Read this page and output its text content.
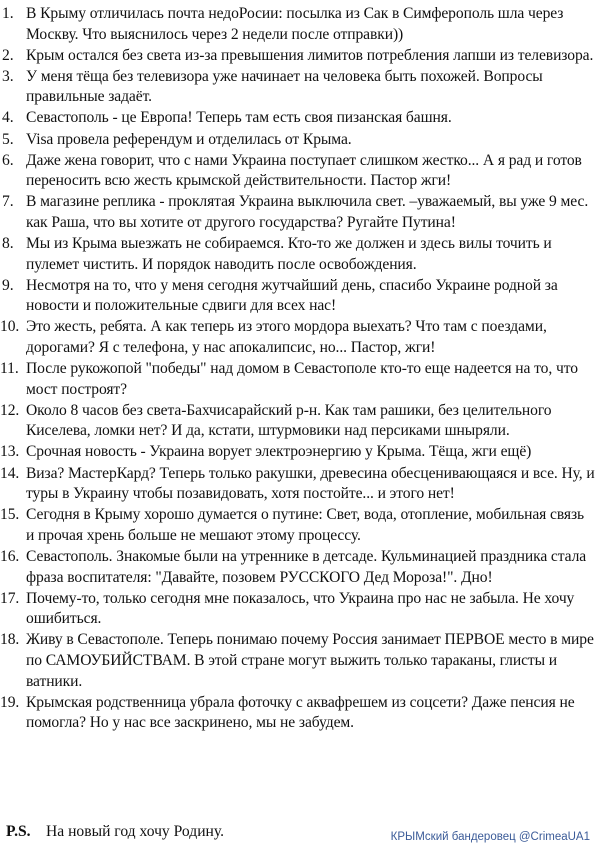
1. В Крыму отличилась почта недоРосии: посылка из Сак в Симферополь шла через Москву. Что выяснилось через 2 недели после отправки))
2. Крым остался без света из-за превышения лимитов потребления лапши из телевизора.
3. У меня тёща без телевизора уже начинает на человека быть похожей. Вопросы правильные задаёт.
4. Севастополь - це Европа! Теперь там есть своя пизанская башня.
5. Visa провела референдум и отделилась от Крыма.
6. Даже жена говорит, что с нами Украина поступает слишком жестко... А я рад и готов переносить всю жесть крымской действительности. Пастор жги!
7. В магазине реплика - проклятая Украина выключила свет. –уважаемый, вы уже 9 мес. как Раша, что вы хотите от другого государства? Ругайте Путина!
8. Мы из Крыма выезжать не собираемся. Кто-то же должен и здесь вилы точить и пулемет чистить. И порядок наводить после освобождения.
9. Несмотря на то, что у меня сегодня жутчайший день, спасибо Украине родной за новости и положительные сдвиги для всех нас!
10. Это жесть, ребята. А как теперь из этого мордора выехать? Что там с поездами, дорогами? Я с телефона, у нас апокалипсис, но... Пастор, жги!
11. После рукожопой "победы" над домом в Севастополе кто-то еще надеется на то, что мост построят?
12. Около 8 часов без света-Бахчисарайский р-н. Как там рашики, без целительного Киселева, ломки нет? И да, кстати, штурмовики над персиками шныряли.
13. Срочная новость - Украина ворует электроэнергию у Крыма. Тёща, жги ещё)
14. Виза? МастерКард? Теперь только ракушки, древесина обесценивающаяся и все. Ну, и туры в Украину чтобы позавидовать, хотя постойте... и этого нет!
15. Сегодня в Крыму хорошо думается о путине: Свет, вода, отопление, мобильная связь и прочая хрень больше не мешают этому процессу.
16. Севастополь. Знакомые были на утреннике в детсаде. Кульминацией праздника стала фраза воспитателя: "Давайте, позовем РУССКОГО Дед Мороза!". Дно!
17. Почему-то, только сегодня мне показалось, что Украина про нас не забыла. Не хочу ошибиться.
18. Живу в Севастополе. Теперь понимаю почему Россия занимает ПЕРВОЕ место в мире по САМОУБИЙСТВАМ. В этой стране могут выжить только тараканы, глисты и ватники.
19. Крымская родственница убрала фоточку с аквафрешем из соцсети? Даже пенсия не помогла? Но у нас все заскринено, мы не забудем.
P.S. На новый год хочу Родину.	КРЫМский бандеровец @CrimeaUA1
